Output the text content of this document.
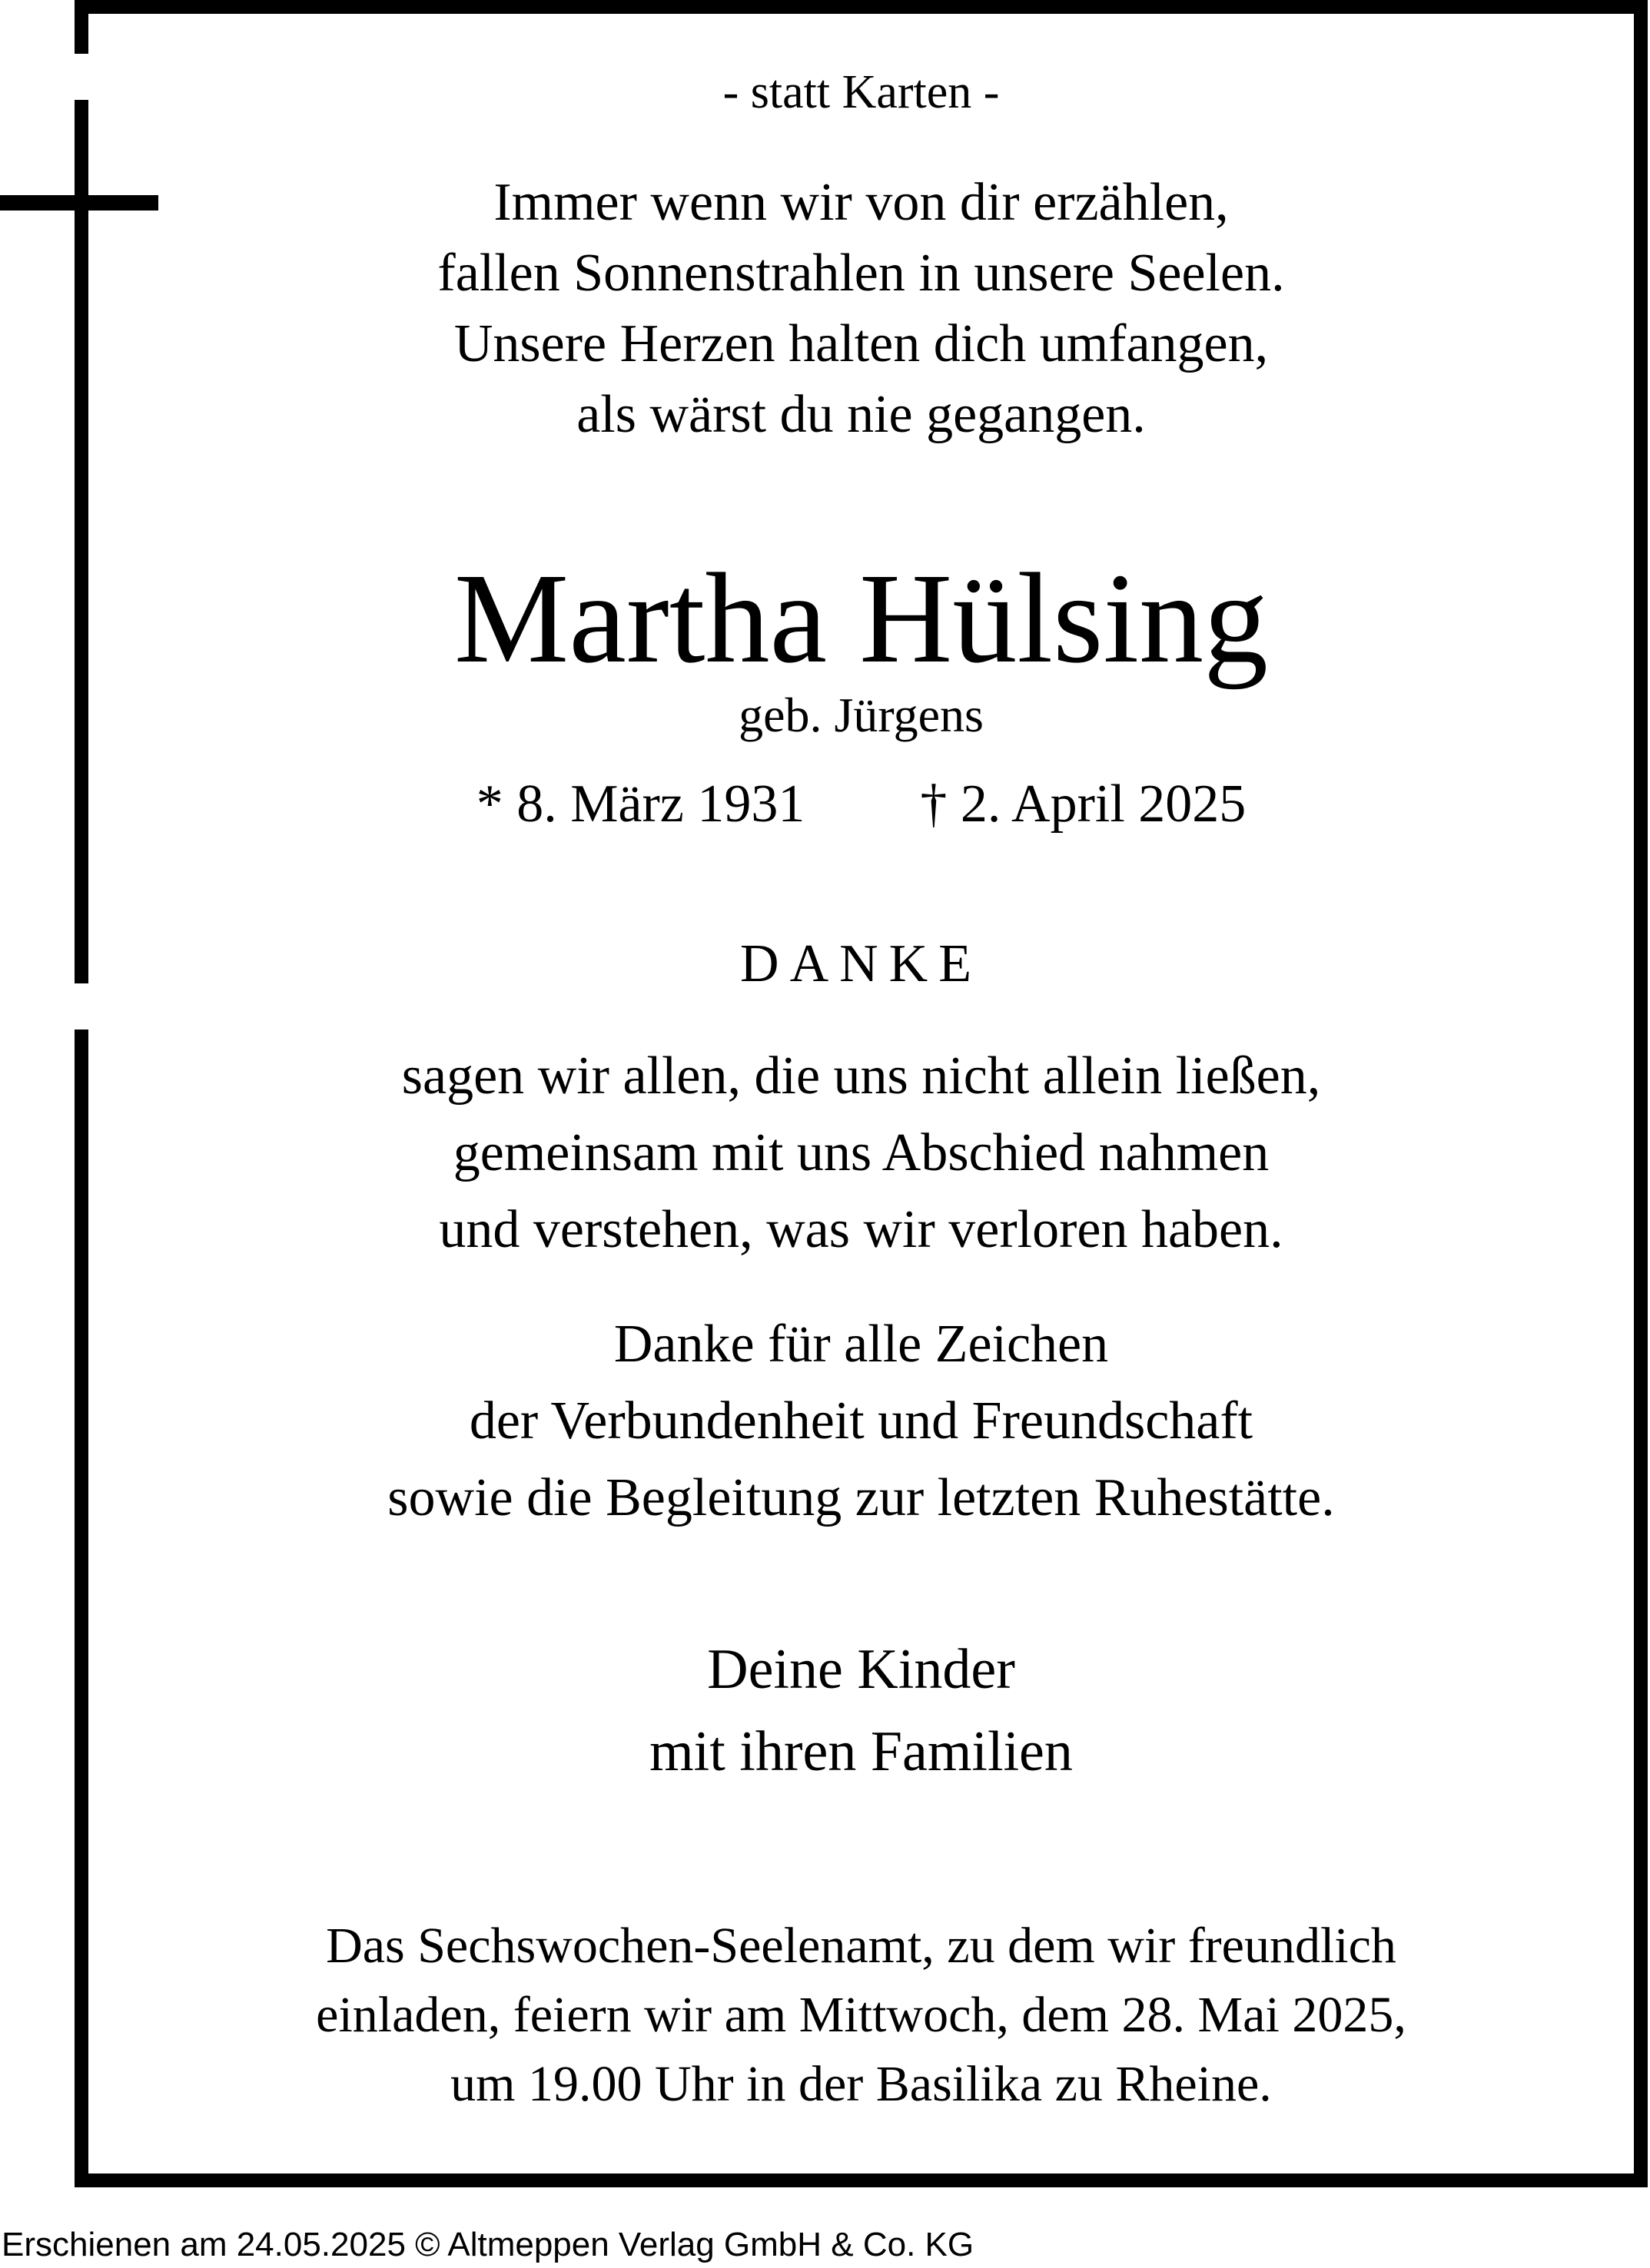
- statt Karten -
Immer wenn wir von dir erzählen,
fallen Sonnenstrahlen in unsere Seelen.
Unsere Herzen halten dich umfangen,
als wärst du nie gegangen.
Martha Hülsing
geb. Jürgens
* 8. März 1931 † 2. April 2025
DANKE
sagen wir allen, die uns nicht allein ließen,
gemeinsam mit uns Abschied nahmen
und verstehen, was wir verloren haben.
Danke für alle Zeichen
der Verbundenheit und Freundschaft
sowie die Begleitung zur letzten Ruhestätte.
Deine Kinder
mit ihren Familien
Das Sechswochen-Seelenamt, zu dem wir freundlich
einladen, feiern wir am Mittwoch, dem 28. Mai 2025,
um 19.00 Uhr in der Basilika zu Rheine.
Erschienen am 24.05.2025 © Altmeppen Verlag GmbH & Co. KG
